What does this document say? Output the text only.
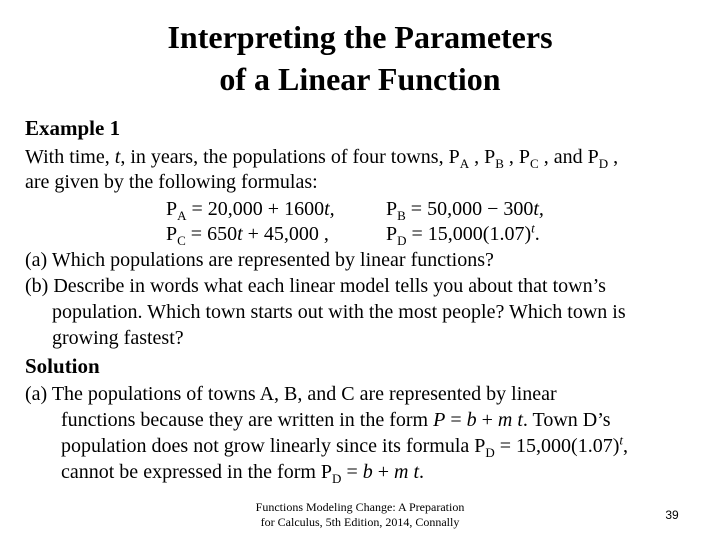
Interpreting the Parameters
of a Linear Function
Example 1
With time, t, in years, the populations of four towns, $P_A$ , $P_B$ , $P_C$ , and $P_D$ ,
are given by the following formulas:
$P_A = 20,000 + 1600t$,	$P_B = 50,000 - 300t$,
$P_C = 650t + 45,000$ ,	$P_D = 15,000(1.07)^t$.
(a) Which populations are represented by linear functions?
(b) Describe in words what each linear model tells you about that town’s
population. Which town starts out with the most people? Which town is
growing fastest?
Solution
(a) The populations of towns A, B, and C are represented by linear
functions because they are written in the form P = b + m t. Town D’s
population does not grow linearly since its formula $P_D = 15,000(1.07)^t$,
cannot be expressed in the form $P_D = b + m$ t.
Functions Modeling Change: A Preparation
for Calculus, 5th Edition, 2014, Connally	39
